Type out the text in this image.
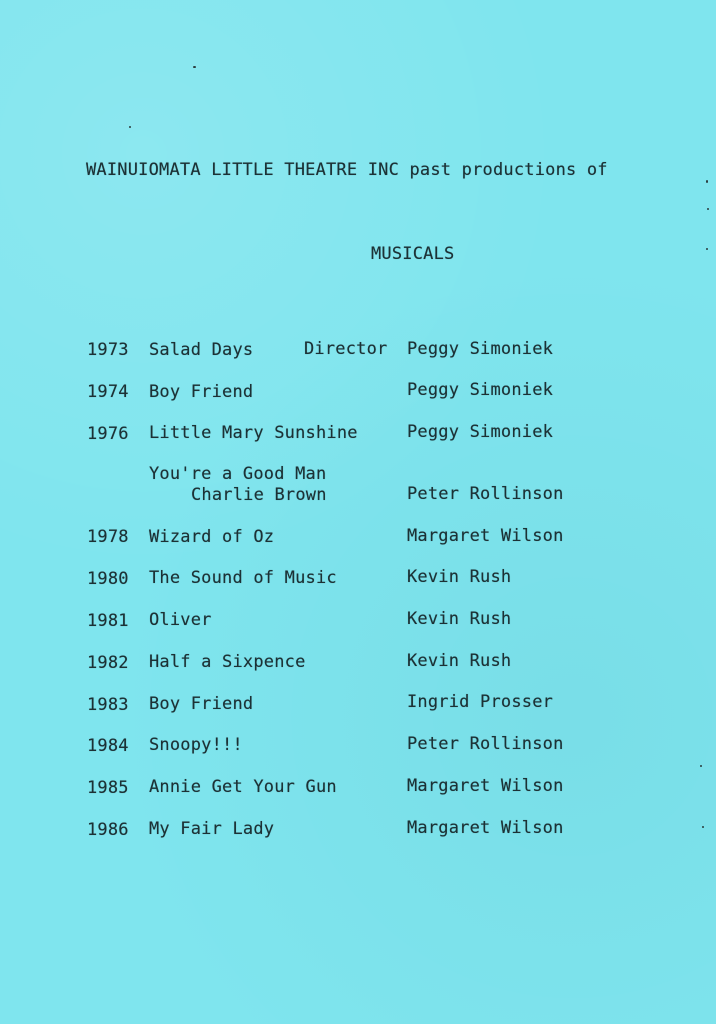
WAINUIOMATA LITTLE THEATRE INC past productions of
MUSICALS
1973 Salad Days	Director Peggy Simoniek
1974 Boy Friend	Peggy Simoniek
1976 Little Mary Sunshine	Peggy Simoniek
You're a Good Man
Charlie Brown	Peter Rollinson
1978 Wizard of Oz	Margaret Wilson
1980 The Sound of Music	Kevin Rush
1981 Oliver	Kevin Rush
1982 Half a Sixpence	Kevin Rush
1983 Boy Friend	Ingrid Prosser
1984 Snoopy!!!	Peter Rollinson
1985 Annie Get Your Gun	Margaret Wilson
1986 My Fair Lady	Margaret Wilson
